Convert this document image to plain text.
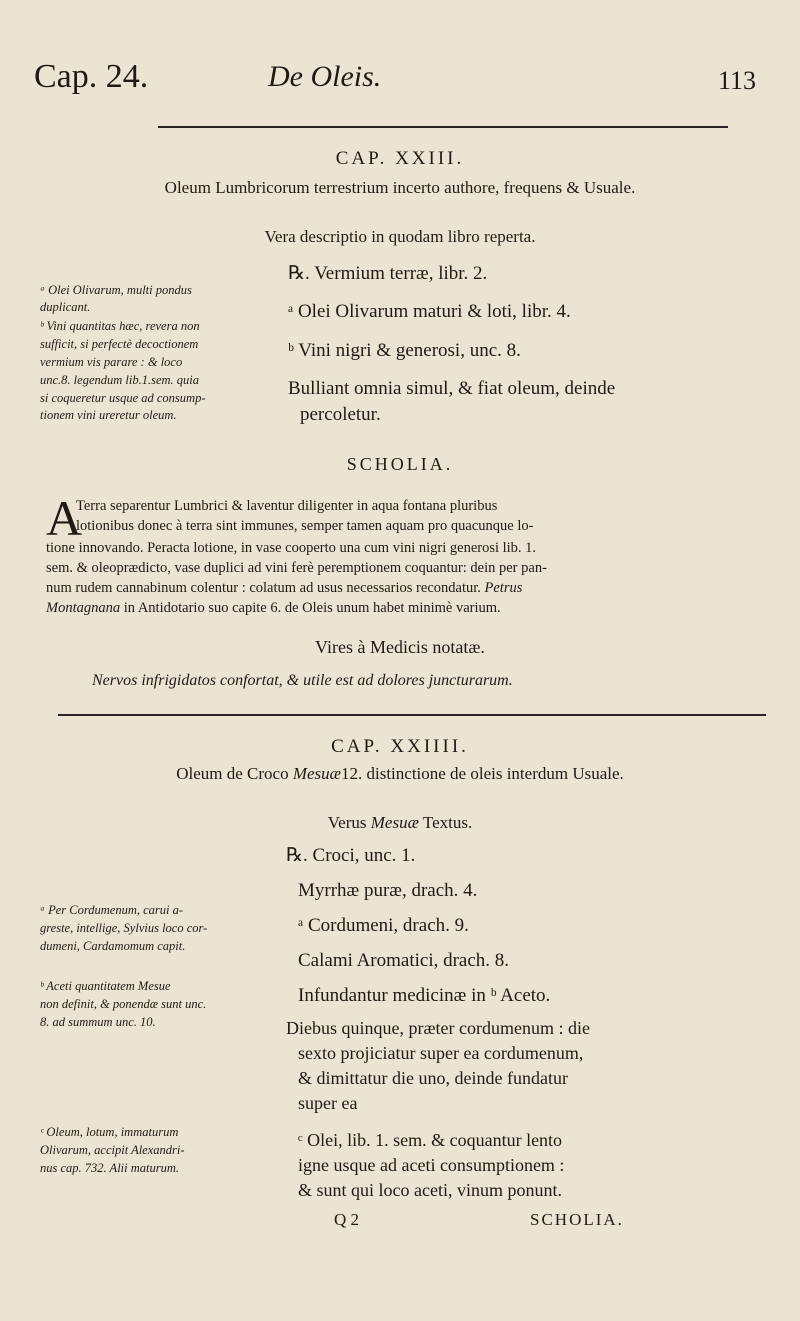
Cap. 24.	De Oleis.	113
CAP. XXIII.
Oleum Lumbricorum terrestrium incerto authore, frequens & Usuale.
Vera descriptio in quodam libro reperta.
℞. Vermium terræ, libr. 2.
ᵃ Olei Olivarum maturi & loti, libr. 4.
ᵇ Vini nigri & generosi, unc. 8.
Bulliant omnia simul, & fiat oleum, deinde
percoletur.
ᵃ Olei Olivarum, multi pondus
duplicant.
ᵇ Vini quantitas hæc, revera non
sufficit, si perfectè decoctionem
vermium vis parare : & loco
unc.8. legendum lib.1.sem. quia
si coqueretur usque ad consump-
tionem vini ureretur oleum.
SCHOLIA.
A
Terra separentur Lumbrici & laventur diligenter in aqua fontana pluribus
lotionibus donec à terra sint immunes, semper tamen aquam pro quacunque lo-
tione innovando. Peracta lotione, in vase cooperto una cum vini nigri generosi lib. 1.
sem. & oleoprædicto, vase duplici ad vini ferè peremptionem coquantur: dein per pan-
num rudem cannabinum colentur : colatum ad usus necessarios recondatur. Petrus
Montagnana in Antidotario suo capite 6. de Oleis unum habet minimè varium.
Vires à Medicis notatæ.
Nervos infrigidatos confortat, & utile est ad dolores juncturarum.
CAP. XXIIII.
Oleum de Croco Mesuæ12. distinctione de oleis interdum Usuale.
Verus Mesuæ Textus.
℞. Croci, unc. 1.
Myrrhæ puræ, drach. 4.
ᵃ Cordumeni, drach. 9.
Calami Aromatici, drach. 8.
Infundantur medicinæ in ᵇ Aceto.
Diebus quinque, præter cordumenum : die
sexto projiciatur super ea cordumenum,
& dimittatur die uno, deinde fundatur
super ea
ᶜ Olei, lib. 1. sem. & coquantur lento
igne usque ad aceti consumptionem :
& sunt qui loco aceti, vinum ponunt.
ᵃ Per Cordumenum, carui a-
greste, intellige, Sylvius loco cor-
dumeni, Cardamomum capit.
ᵇ Aceti quantitatem Mesue
non definit, & ponendæ sunt unc.
8. ad summum unc. 10.
ᶜ Oleum, lotum, immaturum
Olivarum, accipit Alexandri-
nus cap. 732. Alii maturum.
Q 2	SCHOLIA.
